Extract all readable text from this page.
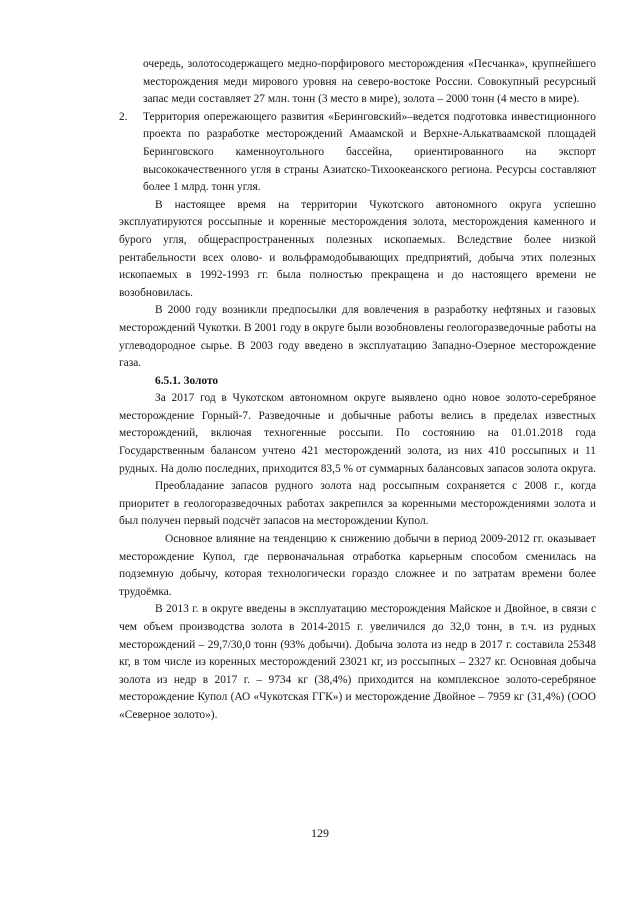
очередь, золотосодержащего медно-порфирового месторождения «Песчанка», крупнейшего месторождения меди мирового уровня на северо-востоке России. Совокупный ресурсный запас меди составляет 27 млн. тонн (3 место в мире), золота – 2000 тонн (4 место в мире).

2.	Территория опережающего развития «Беринговский»–ведется подготовка инвестиционного проекта по разработке месторождений Амаамской и Верхне-Алькатваамской площадей Беринговского каменноугольного бассейна, ориентированного на экспорт высококачественного угля в страны Азиатско-Тихоокеанского региона. Ресурсы составляют более 1 млрд. тонн угля.

В настоящее время на территории Чукотского автономного округа успешно эксплуатируются россыпные и коренные месторождения золота, месторождения каменного и бурого угля, общераспространенных полезных ископаемых. Вследствие более низкой рентабельности всех олово- и вольфрамодобывающих предприятий, добыча этих полезных ископаемых в 1992-1993 гг. была полностью прекращена и до настоящего времени не возобновилась.

В 2000 году возникли предпосылки для вовлечения в разработку нефтяных и газовых месторождений Чукотки. В 2001 году в округе были возобновлены геологоразведочные работы на углеводородное сырье. В 2003 году введено в эксплуатацию Западно-Озерное месторождение газа.

6.5.1. Золото

За 2017 год в Чукотском автономном округе выявлено одно новое золото-серебряное месторождение Горный-7. Разведочные и добычные работы велись в пределах известных месторождений, включая техногенные россыпи. По состоянию на 01.01.2018 года Государственным балансом учтено 421 месторождений золота, из них 410 россыпных и 11 рудных. На долю последних, приходится 83,5 % от суммарных балансовых запасов золота округа.

Преобладание запасов рудного золота над россыпным сохраняется с 2008 г., когда приоритет в геологоразведочных работах закрепился за коренными месторождениями золота и был получен первый подсчёт запасов на месторождении Купол.

Основное влияние на тенденцию к снижению добычи в период 2009-2012 гг. оказывает месторождение Купол, где первоначальная отработка карьерным способом сменилась на подземную добычу, которая технологически гораздо сложнее и по затратам времени более трудоёмка.

В 2013 г. в округе введены в эксплуатацию месторождения Майское и Двойное, в связи с чем объем производства золота в 2014-2015 г. увеличился до 32,0 тонн, в т.ч. из рудных месторождений – 29,7/30,0 тонн (93% добычи). Добыча золота из недр в 2017 г. составила 25348 кг, в том числе из коренных месторождений 23021 кг, из россыпных – 2327 кг. Основная добыча золота из недр в 2017 г. – 9734 кг (38,4%) приходится на комплексное золото-серебряное месторождение Купол (АО «Чукотская ГГК») и месторождение Двойное – 7959 кг (31,4%) (ООО «Северное золото»).

129
